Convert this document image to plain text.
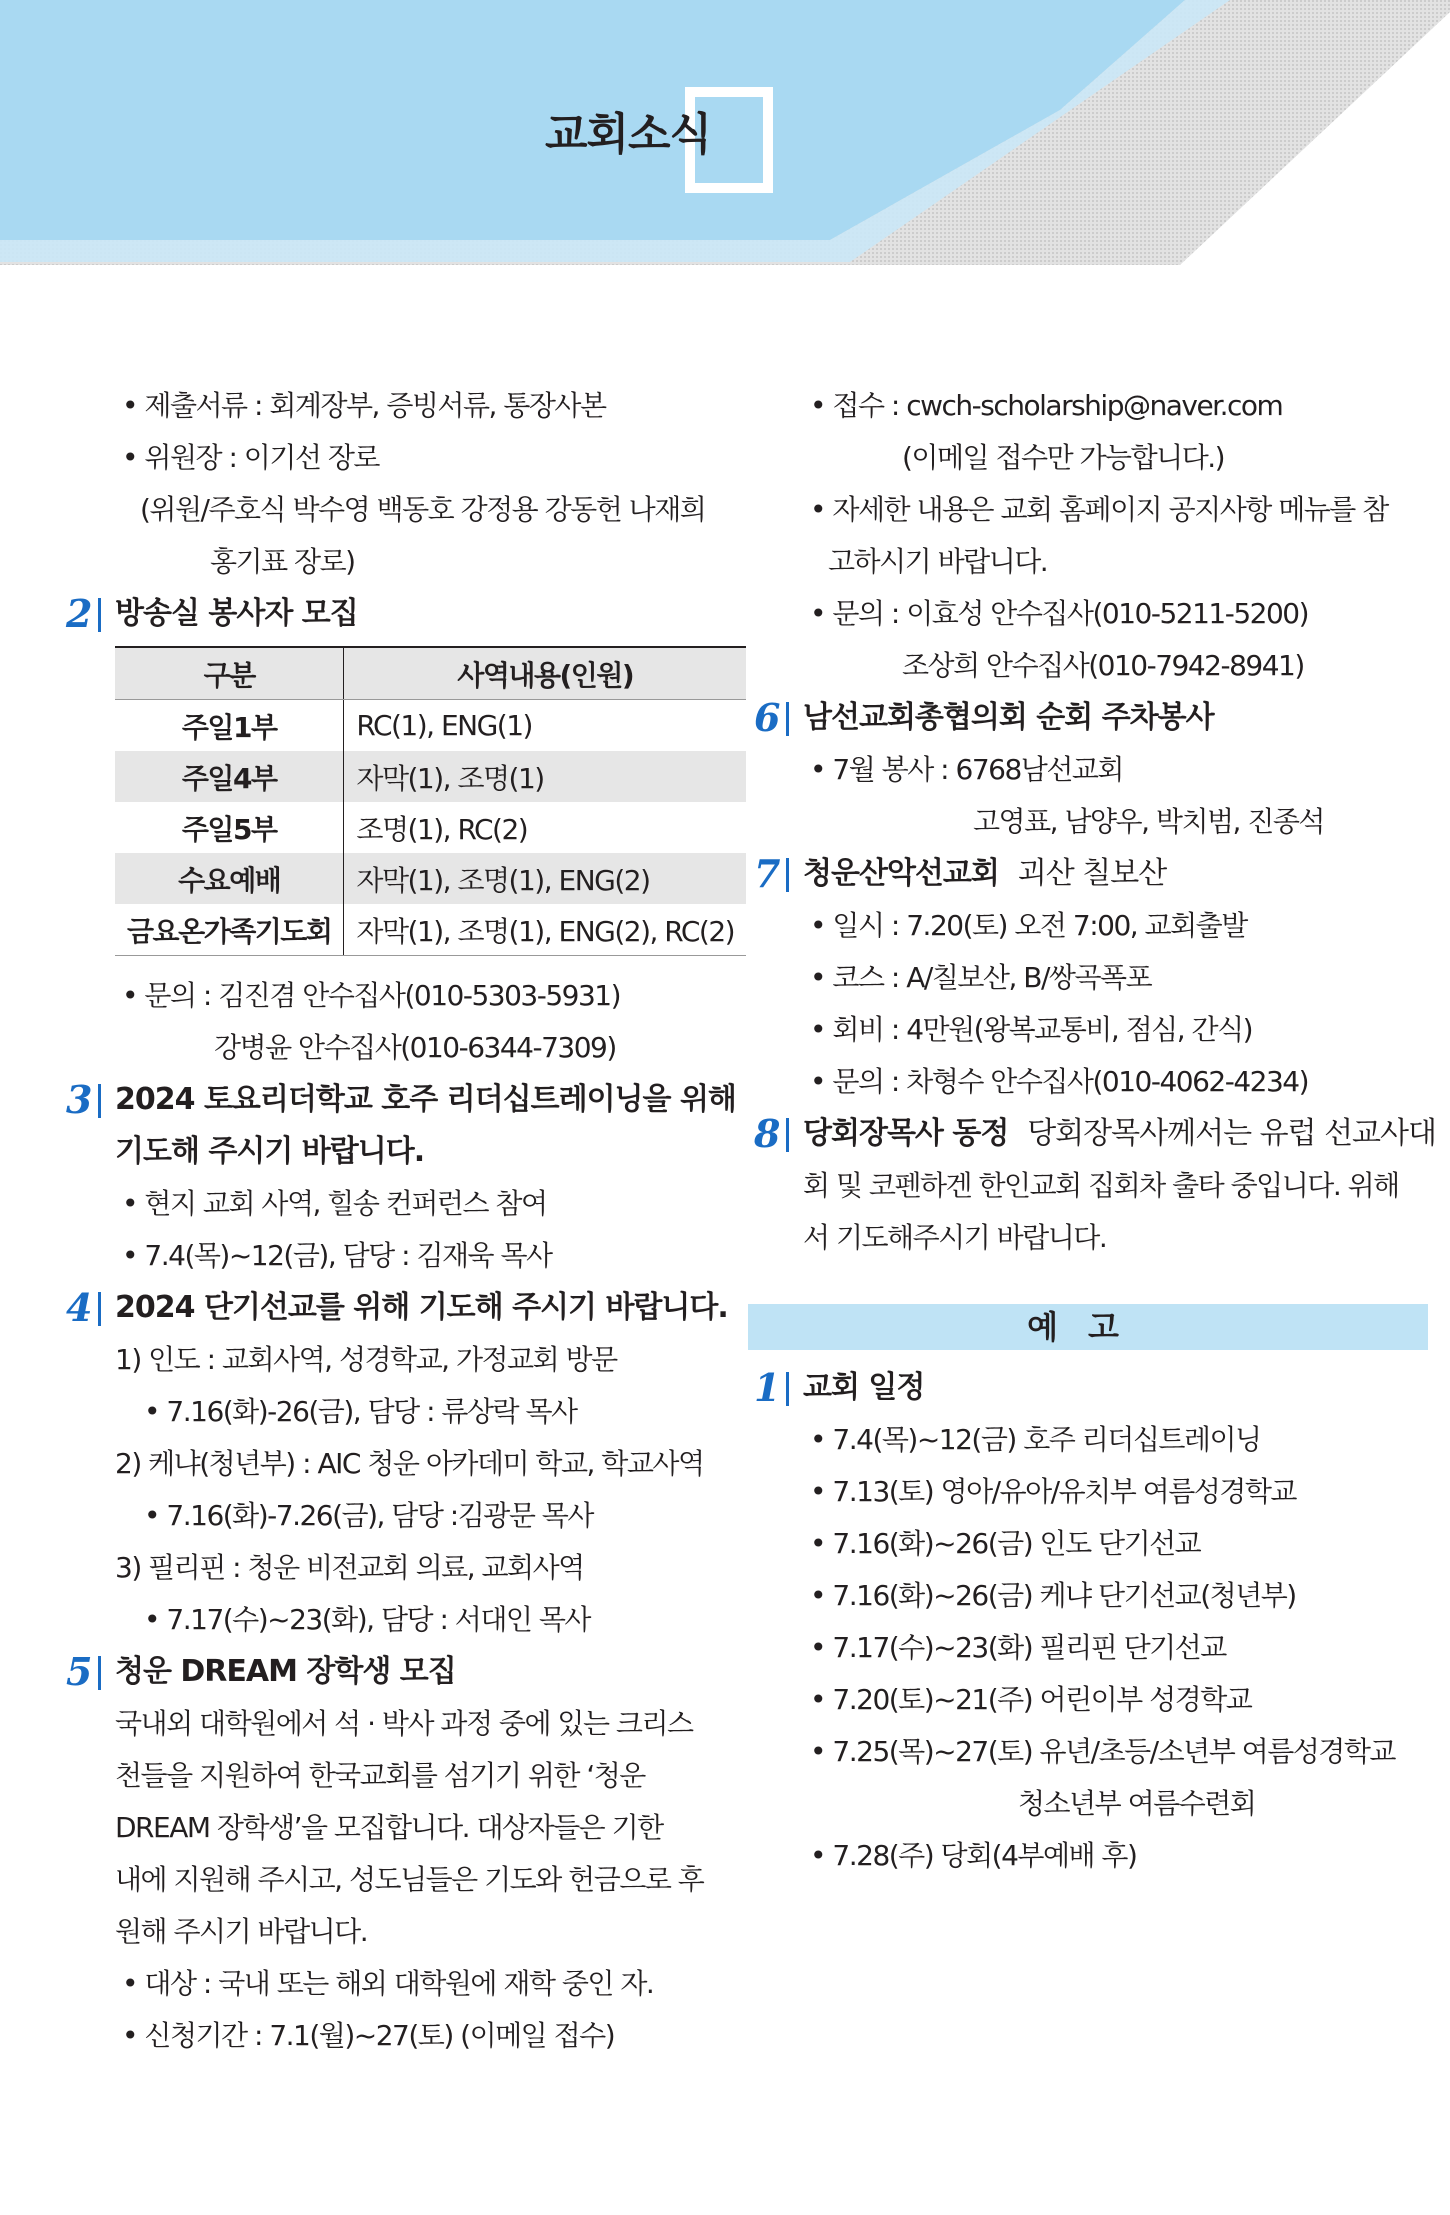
교회소식
• 제출서류 : 회계장부, 증빙서류, 통장사본
• 위원장 : 이기선 장로
(위원/주호식 박수영 백동호 강정용 강동헌 나재희
홍기표 장로)
2 방송실 봉사자 모집
구분	사역내용(인원)
주일1부	RC(1), ENG(1)
주일4부	자막(1), 조명(1)
주일5부	조명(1), RC(2)
수요예배	자막(1), 조명(1), ENG(2)
금요온가족기도회	자막(1), 조명(1), ENG(2), RC(2)
• 문의 : 김진겸 안수집사(010-5303-5931)
강병윤 안수집사(010-6344-7309)
3 2024 토요리더학교 호주 리더십트레이닝을 위해
기도해 주시기 바랍니다.
• 현지 교회 사역, 힐송 컨퍼런스 참여
• 7.4(목)~12(금), 담당 : 김재욱 목사
4 2024 단기선교를 위해 기도해 주시기 바랍니다.
1) 인도 : 교회사역, 성경학교, 가정교회 방문
• 7.16(화)-26(금), 담당 : 류상락 목사
2) 케냐(청년부) : AIC 청운 아카데미 학교, 학교사역
• 7.16(화)-7.26(금), 담당 :김광문 목사
3) 필리핀 : 청운 비전교회 의료, 교회사역
• 7.17(수)~23(화), 담당 : 서대인 목사
5 청운 DREAM 장학생 모집
국내외 대학원에서 석 · 박사 과정 중에 있는 크리스
천들을 지원하여 한국교회를 섬기기 위한 ‘청운
DREAM 장학생’을 모집합니다. 대상자들은 기한
내에 지원해 주시고, 성도님들은 기도와 헌금으로 후
원해 주시기 바랍니다.
• 대상 : 국내 또는 해외 대학원에 재학 중인 자.
• 신청기간 : 7.1(월)~27(토) (이메일 접수)
• 접수 : cwch-scholarship@naver.com
(이메일 접수만 가능합니다.)
• 자세한 내용은 교회 홈페이지 공지사항 메뉴를 참
고하시기 바랍니다.
• 문의 : 이효성 안수집사(010-5211-5200)
조상희 안수집사(010-7942-8941)
6 남선교회총협의회 순회 주차봉사
• 7월 봉사 : 6768남선교회
고영표, 남양우, 박치범, 진종석
7 청운산악선교회 괴산 칠보산
• 일시 : 7.20(토) 오전 7:00, 교회출발
• 코스 : A/칠보산, B/쌍곡폭포
• 회비 : 4만원(왕복교통비, 점심, 간식)
• 문의 : 차형수 안수집사(010-4062-4234)
8 당회장목사 동정 당회장목사께서는 유럽 선교사대
회 및 코펜하겐 한인교회 집회차 출타 중입니다. 위해
서 기도해주시기 바랍니다.
예고
1 교회 일정
• 7.4(목)~12(금) 호주 리더십트레이닝
• 7.13(토) 영아/유아/유치부 여름성경학교
• 7.16(화)~26(금) 인도 단기선교
• 7.16(화)~26(금) 케냐 단기선교(청년부)
• 7.17(수)~23(화) 필리핀 단기선교
• 7.20(토)~21(주) 어린이부 성경학교
• 7.25(목)~27(토) 유년/초등/소년부 여름성경학교
청소년부 여름수련회
• 7.28(주) 당회(4부예배 후)
